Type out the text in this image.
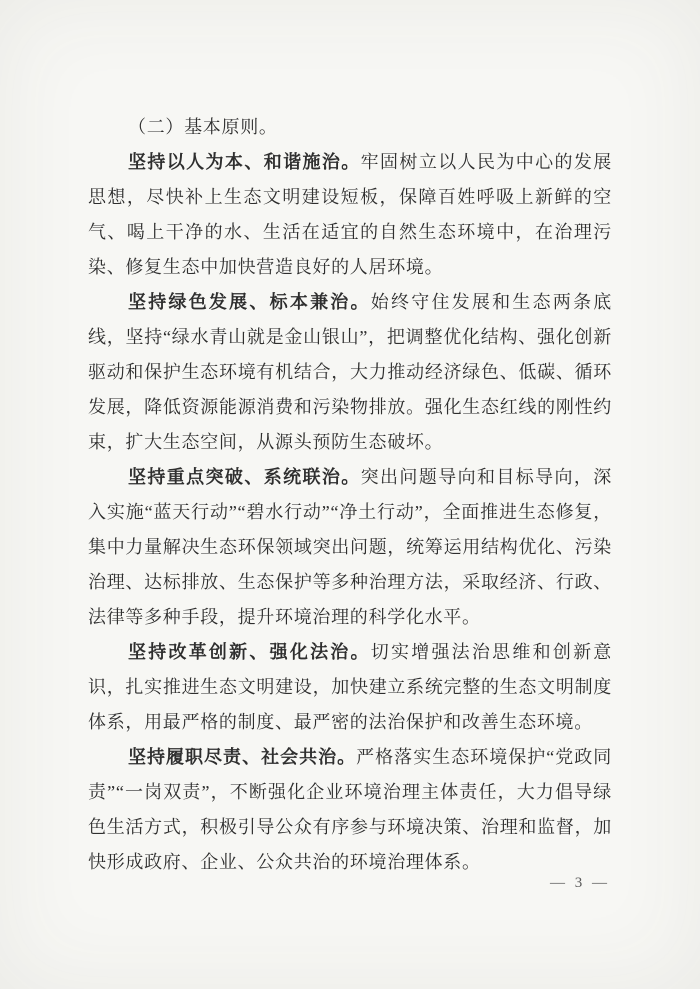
（二）基本原则。

坚持以人为本、和谐施治。牢固树立以人民为中心的发展思想，尽快补上生态文明建设短板，保障百姓呼吸上新鲜的空气、喝上干净的水、生活在适宜的自然生态环境中，在治理污染、修复生态中加快营造良好的人居环境。

坚持绿色发展、标本兼治。始终守住发展和生态两条底线，坚持“绿水青山就是金山银山”，把调整优化结构、强化创新驱动和保护生态环境有机结合，大力推动经济绿色、低碳、循环发展，降低资源能源消费和污染物排放。强化生态红线的刚性约束，扩大生态空间，从源头预防生态破坏。

坚持重点突破、系统联治。突出问题导向和目标导向，深入实施“蓝天行动”“碧水行动”“净土行动”，全面推进生态修复，集中力量解决生态环保领域突出问题，统筹运用结构优化、污染治理、达标排放、生态保护等多种治理方法，采取经济、行政、法律等多种手段，提升环境治理的科学化水平。

坚持改革创新、强化法治。切实增强法治思维和创新意识，扎实推进生态文明建设，加快建立系统完整的生态文明制度体系，用最严格的制度、最严密的法治保护和改善生态环境。

坚持履职尽责、社会共治。严格落实生态环境保护“党政同责”“一岗双责”，不断强化企业环境治理主体责任，大力倡导绿色生活方式，积极引导公众有序参与环境决策、治理和监督，加快形成政府、企业、公众共治的环境治理体系。

— 3 —
